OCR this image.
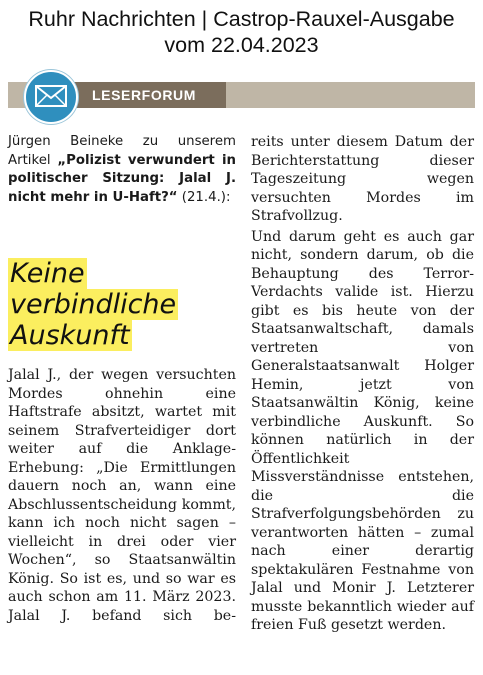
Ruhr Nachrichten | Castrop-Rauxel-Ausgabe
vom 22.04.2023
LESERFORUM
Jürgen Beineke zu unserem Artikel „Polizist verwundert in politischer Sitzung: Jalal J. nicht mehr in U-Haft?“ (21.4.):
Keine
verbindliche
Auskunft

Jalal J., der wegen versuchten Mordes ohnehin eine Haftstrafe absitzt, wartet mit seinem Strafverteidiger dort weiter auf die Anklage-Erhebung: „Die Ermittlungen dauern noch an, wann eine Abschlussentscheidung kommt, kann ich noch nicht sagen – vielleicht in drei oder vier Wochen“, so Staatsanwältin König. So ist es, und so war es auch schon am 11. März 2023. Jalal J. befand sich be-

reits unter diesem Datum der Berichterstattung dieser Tageszeitung wegen versuchten Mordes im Strafvollzug.

Und darum geht es auch gar nicht, sondern darum, ob die Behauptung des Terror-Verdachts valide ist. Hierzu gibt es bis heute von der Staatsanwaltschaft, damals vertreten von Generalstaatsanwalt Holger Hemin, jetzt von Staatsanwältin König, keine verbindliche Auskunft. So können natürlich in der Öffentlichkeit Missverständnisse entstehen, die die Strafverfolgungsbehörden zu verantworten hätten – zumal nach einer derartig spektakulären Festnahme von Jalal und Monir J. Letzterer musste bekanntlich wieder auf freien Fuß gesetzt werden.
